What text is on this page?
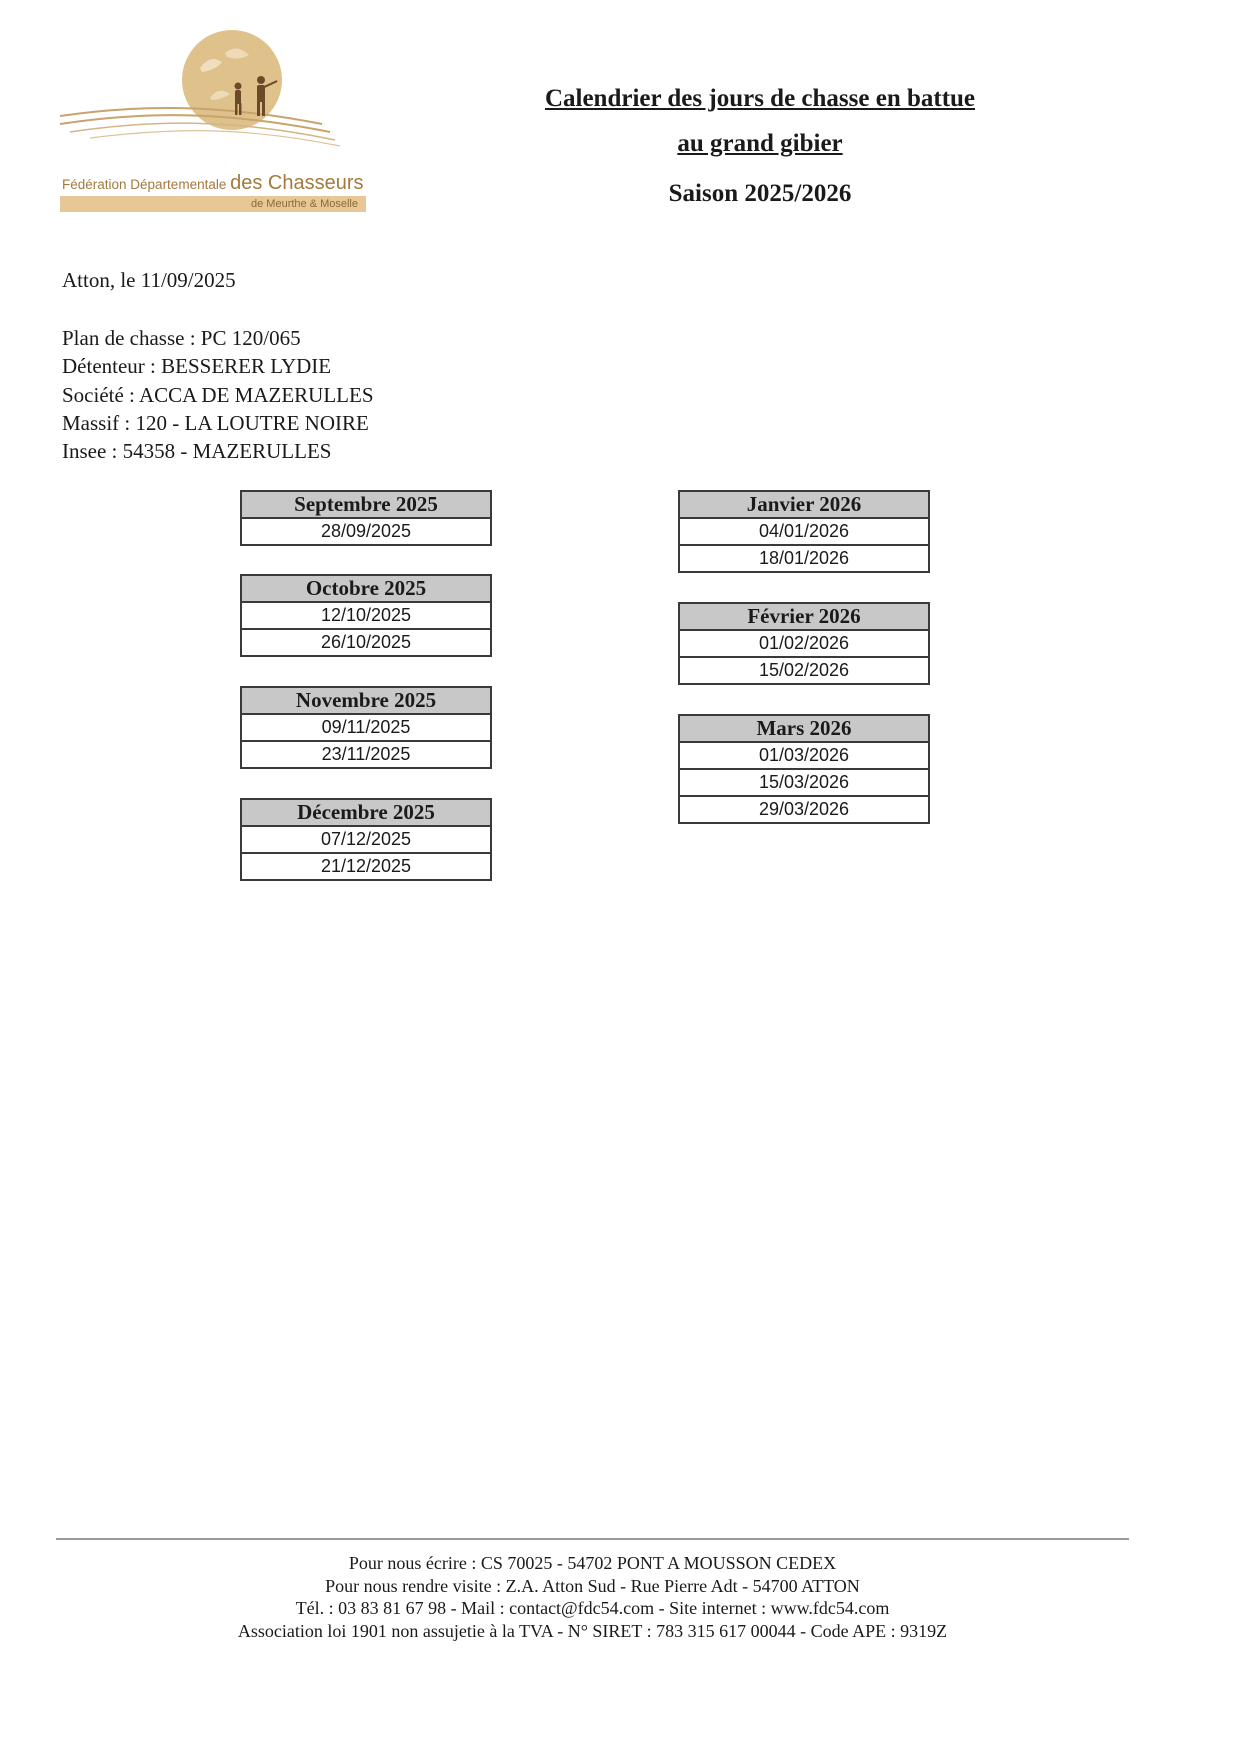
Fédération Départementale des Chasseurs
de Meurthe & Moselle
Calendrier des jours de chasse en battue
au grand gibier
Saison 2025/2026
Atton, le 11/09/2025
Plan de chasse : PC 120/065
Détenteur : BESSERER LYDIE
Société : ACCA DE MAZERULLES
Massif : 120 - LA LOUTRE NOIRE
Insee : 54358 - MAZERULLES
Septembre 2025
28/09/2025
Octobre 2025
12/10/2025
26/10/2025
Novembre 2025
09/11/2025
23/11/2025
Décembre 2025
07/12/2025
21/12/2025
Janvier 2026
04/01/2026
18/01/2026
Février 2026
01/02/2026
15/02/2026
Mars 2026
01/03/2026
15/03/2026
29/03/2026
Pour nous écrire : CS 70025 - 54702 PONT A MOUSSON CEDEX
Pour nous rendre visite : Z.A. Atton Sud - Rue Pierre Adt - 54700 ATTON
Tél. : 03 83 81 67 98 - Mail : contact@fdc54.com - Site internet : www.fdc54.com
Association loi 1901 non assujetie à la TVA - N° SIRET : 783 315 617 00044 - Code APE : 9319Z
